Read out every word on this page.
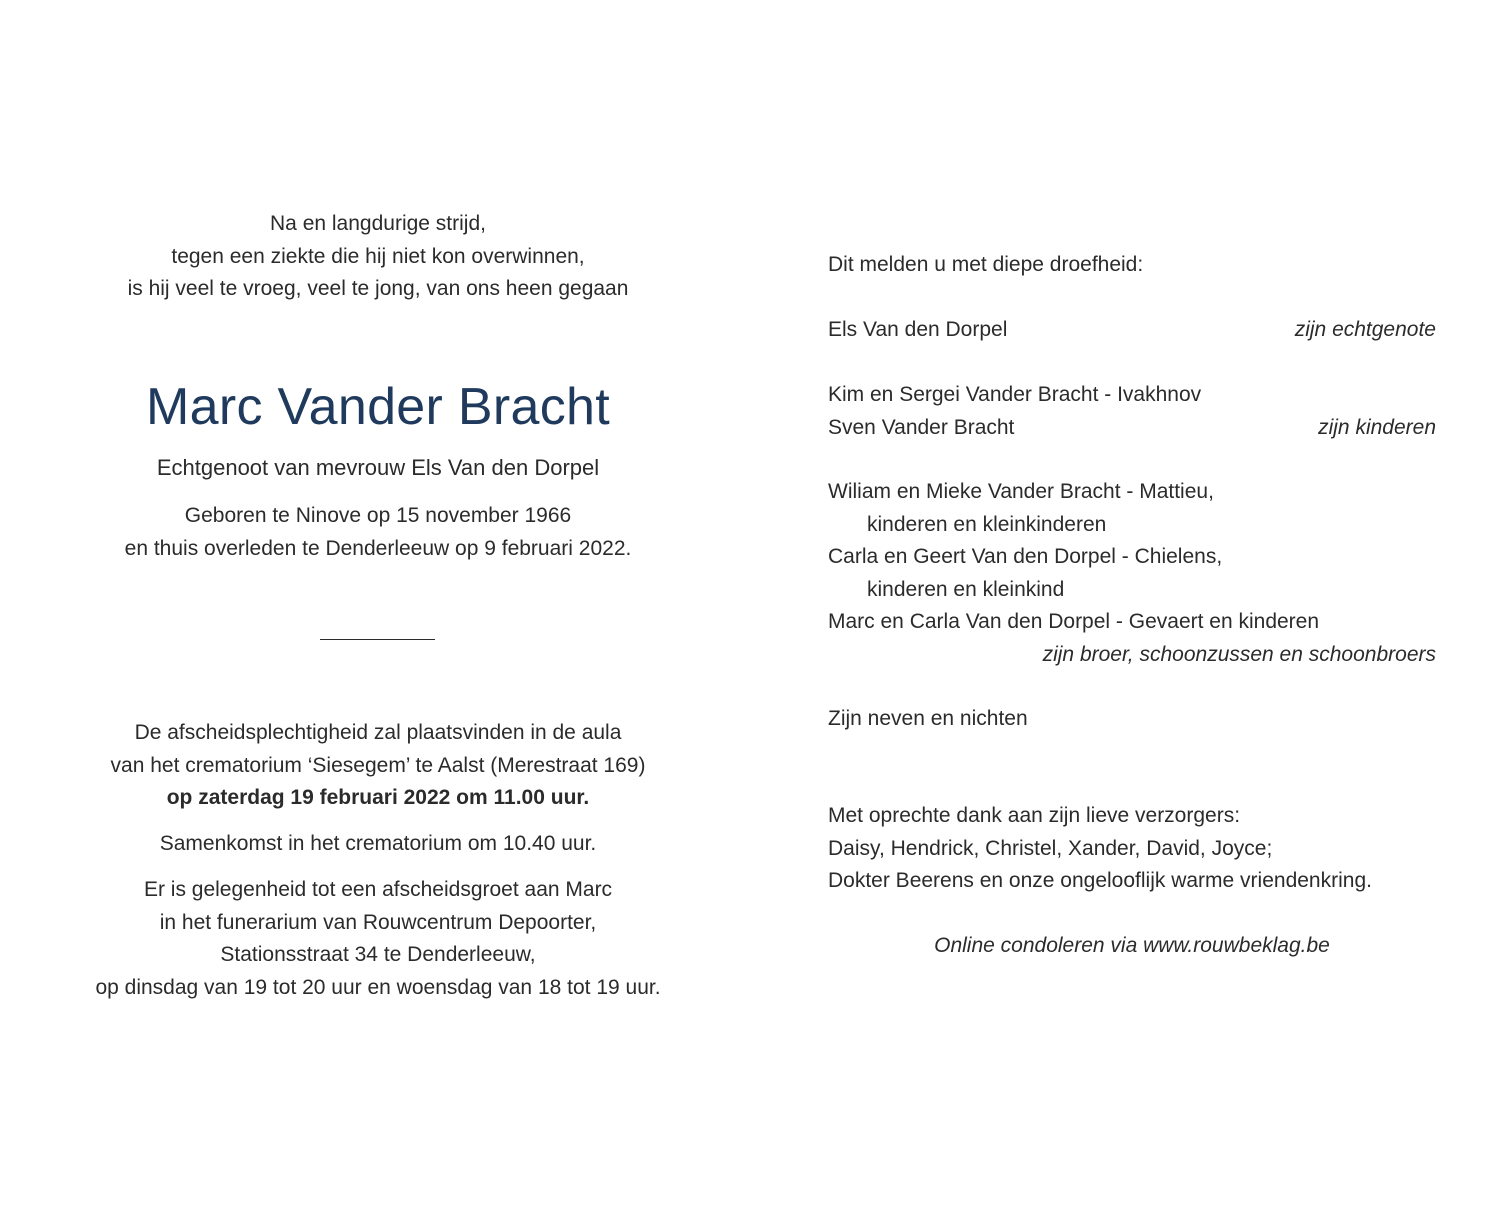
Na en langdurige strijd,
tegen een ziekte die hij niet kon overwinnen,
is hij veel te vroeg, veel te jong, van ons heen gegaan
Marc Vander Bracht
Echtgenoot van mevrouw Els Van den Dorpel
Geboren te Ninove op 15 november 1966
en thuis overleden te Denderleeuw op 9 februari 2022.
De afscheidsplechtigheid zal plaatsvinden in de aula
van het crematorium ‘Siesegem’ te Aalst (Merestraat 169)
op zaterdag 19 februari 2022 om 11.00 uur.
Samenkomst in het crematorium om 10.40 uur.
Er is gelegenheid tot een afscheidsgroet aan Marc
in het funerarium van Rouwcentrum Depoorter,
Stationsstraat 34 te Denderleeuw,
op dinsdag van 19 tot 20 uur en woensdag van 18 tot 19 uur.
Dit melden u met diepe droefheid:
Els Van den Dorpel	zijn echtgenote
Kim en Sergei Vander Bracht - Ivakhnov
Sven Vander Bracht	zijn kinderen
Wiliam en Mieke Vander Bracht - Mattieu,
kinderen en kleinkinderen
Carla en Geert Van den Dorpel - Chielens,
kinderen en kleinkind
Marc en Carla Van den Dorpel - Gevaert en kinderen
zijn broer, schoonzussen en schoonbroers
Zijn neven en nichten
Met oprechte dank aan zijn lieve verzorgers:
Daisy, Hendrick, Christel, Xander, David, Joyce;
Dokter Beerens en onze ongelooflijk warme vriendenkring.
Online condoleren via www.rouwbeklag.be
